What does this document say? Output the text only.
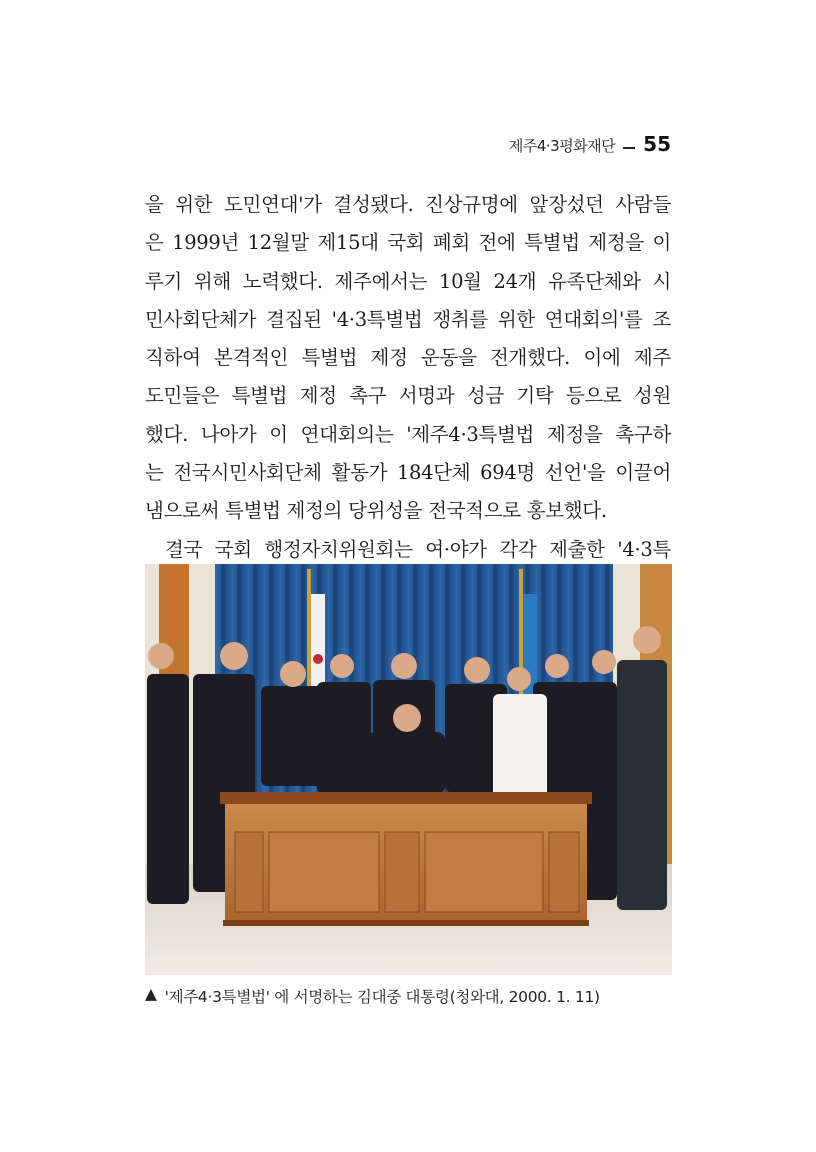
제주4·3평화재단 55
을 위한 도민연대'가 결성됐다. 진상규명에 앞장섰던 사람들
은 1999년 12월말 제15대 국회 폐회 전에 특별법 제정을 이
루기 위해 노력했다. 제주에서는 10월 24개 유족단체와 시
민사회단체가 결집된 '4·3특별법 쟁취를 위한 연대회의'를 조
직하여 본격적인 특별법 제정 운동을 전개했다. 이에 제주
도민들은 특별법 제정 촉구 서명과 성금 기탁 등으로 성원
했다. 나아가 이 연대회의는 '제주4·3특별법 제정을 촉구하
는 전국시민사회단체 활동가 184단체 694명 선언'을 이끌어
냄으로써 특별법 제정의 당위성을 전국적으로 홍보했다.
결국 국회 행정자치위원회는 여·야가 각각 제출한 '4·3특
▲ '제주4·3특별법' 에 서명하는 김대중 대통령(청와대, 2000. 1. 11)
